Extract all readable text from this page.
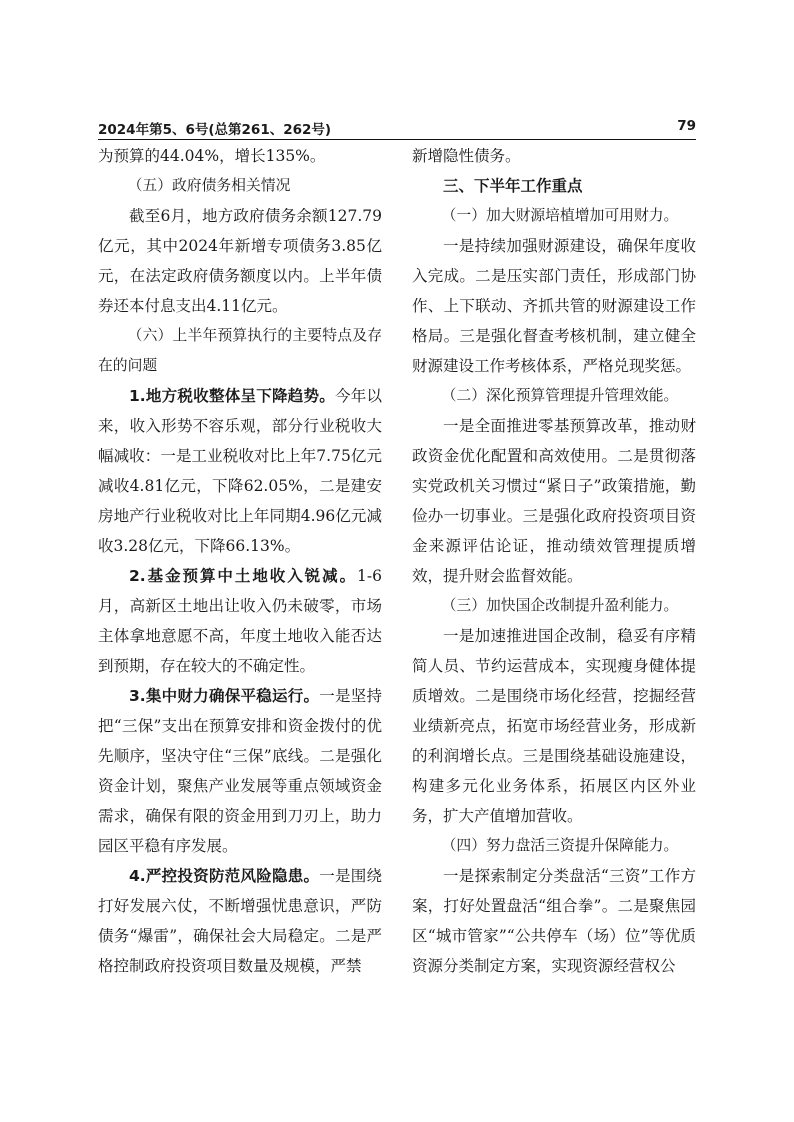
2024年第5、6号(总第261、262号)	79

为预算的44.04%，增长135%。

（五）政府债务相关情况

截至6月，地方政府债务余额127.79亿元，其中2024年新增专项债务3.85亿元，在法定政府债务额度以内。上半年债券还本付息支出4.11亿元。

（六）上半年预算执行的主要特点及存在的问题

1.地方税收整体呈下降趋势。今年以来，收入形势不容乐观，部分行业税收大幅减收：一是工业税收对比上年7.75亿元减收4.81亿元，下降62.05%，二是建安房地产行业税收对比上年同期4.96亿元减收3.28亿元，下降66.13%。

2.基金预算中土地收入锐减。1-6月，高新区土地出让收入仍未破零，市场主体拿地意愿不高，年度土地收入能否达到预期，存在较大的不确定性。

3.集中财力确保平稳运行。一是坚持把“三保”支出在预算安排和资金拨付的优先顺序，坚决守住“三保”底线。二是强化资金计划，聚焦产业发展等重点领域资金需求，确保有限的资金用到刀刃上，助力园区平稳有序发展。

4.严控投资防范风险隐患。一是围绕打好发展六仗，不断增强忧患意识，严防债务“爆雷”，确保社会大局稳定。二是严格控制政府投资项目数量及规模，严禁

新增隐性债务。

三、下半年工作重点

（一）加大财源培植增加可用财力。

一是持续加强财源建设，确保年度收入完成。二是压实部门责任，形成部门协作、上下联动、齐抓共管的财源建设工作格局。三是强化督查考核机制，建立健全财源建设工作考核体系，严格兑现奖惩。

（二）深化预算管理提升管理效能。

一是全面推进零基预算改革，推动财政资金优化配置和高效使用。二是贯彻落实党政机关习惯过“紧日子”政策措施，勤俭办一切事业。三是强化政府投资项目资金来源评估论证，推动绩效管理提质增效，提升财会监督效能。

（三）加快国企改制提升盈利能力。

一是加速推进国企改制，稳妥有序精简人员、节约运营成本，实现瘦身健体提质增效。二是围绕市场化经营，挖掘经营业绩新亮点，拓宽市场经营业务，形成新的利润增长点。三是围绕基础设施建设，构建多元化业务体系，拓展区内区外业务，扩大产值增加营收。

（四）努力盘活三资提升保障能力。

一是探索制定分类盘活“三资”工作方案，打好处置盘活“组合拳”。二是聚焦园区“城市管家”“公共停车（场）位”等优质资源分类制定方案，实现资源经营权公
